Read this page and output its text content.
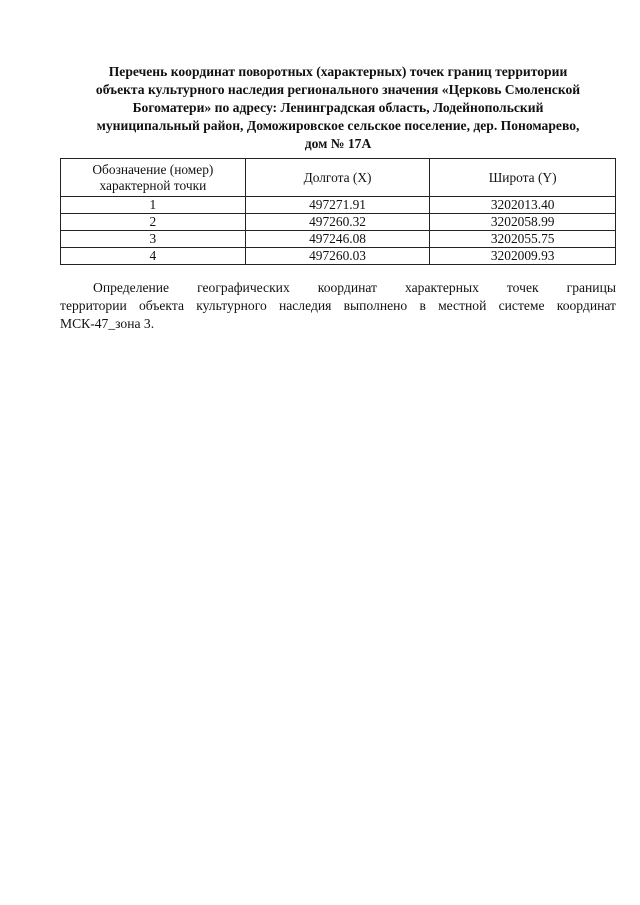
Перечень координат поворотных (характерных) точек границ территории
объекта культурного наследия регионального значения «Церковь Смоленской
Богоматери» по адресу: Ленинградская область, Лодейнопольский
муниципальный район, Доможировское сельское поселение, дер. Пономарево,
дом № 17А
Обозначение (номер)
характерной точки	Долгота (X)	Широта (Y)
1	497271.91	3202013.40
2	497260.32	3202058.99
3	497246.08	3202055.75
4	497260.03	3202009.93
Определение географических координат характерных точек границы
территории объекта культурного наследия выполнено в местной системе координат
МСК-47_зона 3.
